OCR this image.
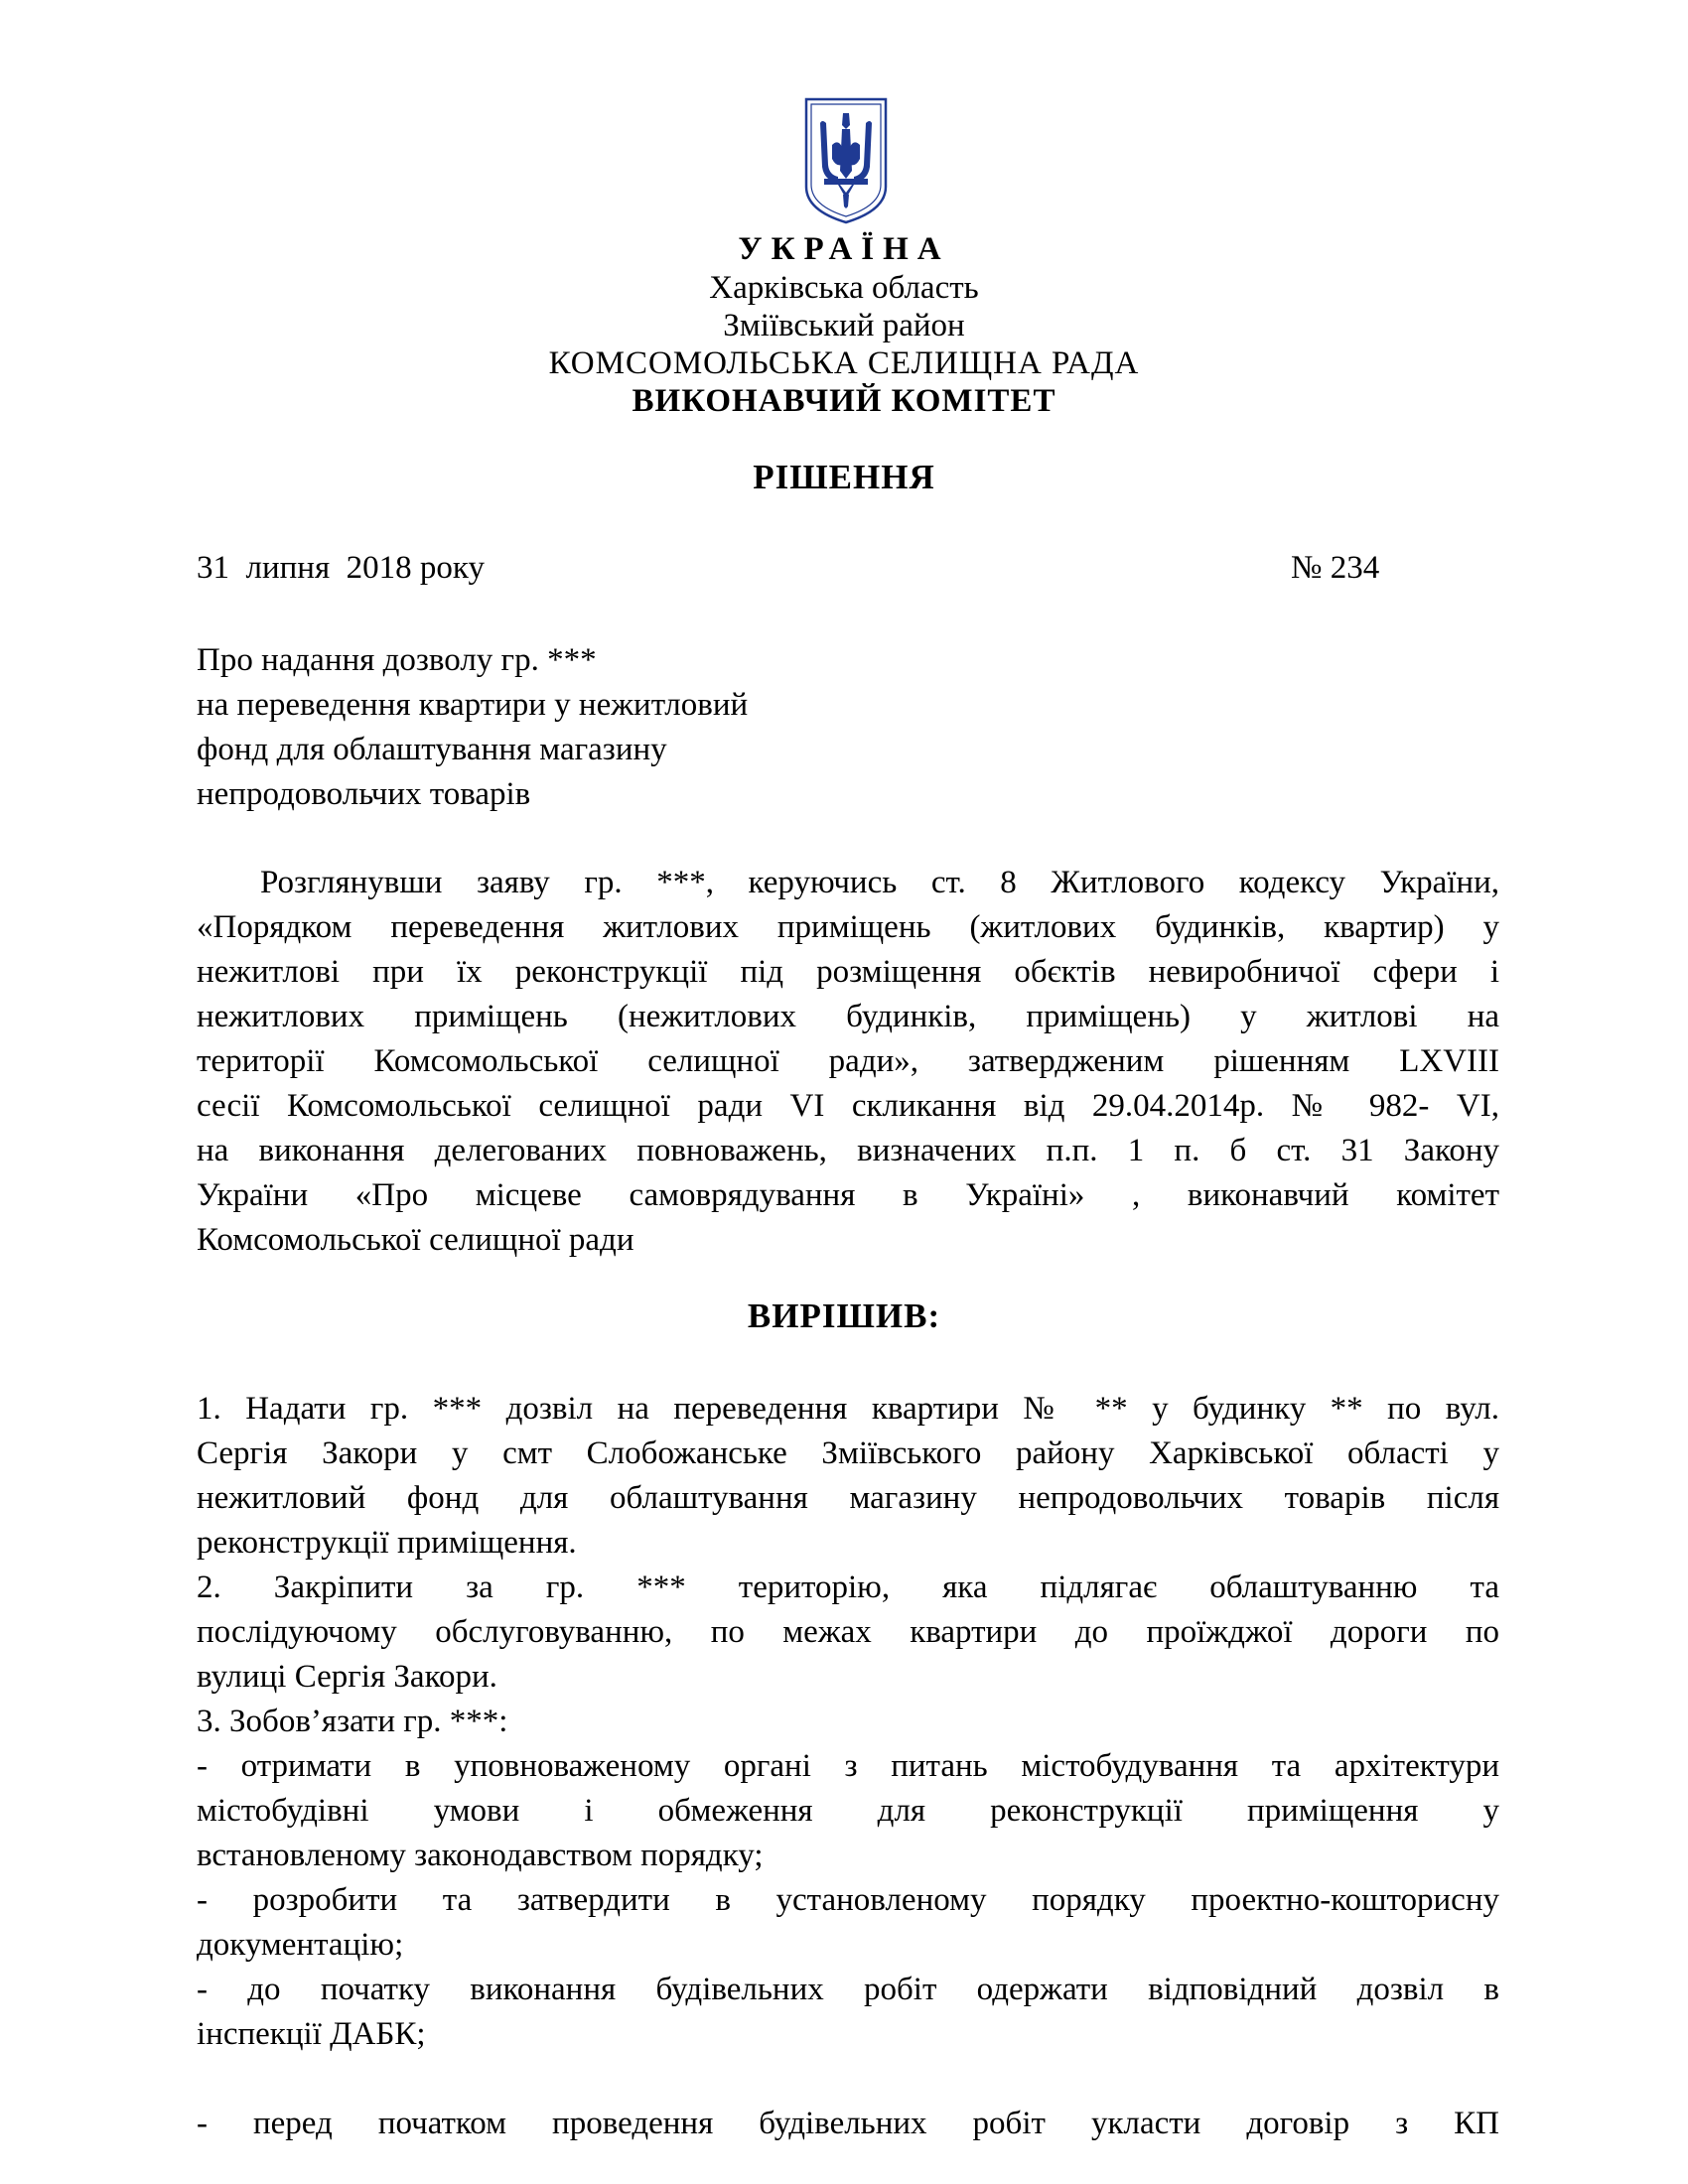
УКРАЇНА
Харківська область
Зміївський район
КОМСОМОЛЬСЬКА СЕЛИЩНА РАДА
ВИКОНАВЧИЙ КОМІТЕТ
РІШЕННЯ
31  липня  2018 року	№ 234
Про надання дозволу гр. ***
на переведення квартири у нежитловий
фонд для облаштування магазину
непродовольчих товарів
Розглянувши заяву гр. ***, керуючись ст. 8 Житлового кодексу України,
«Порядком переведення житлових приміщень (житлових будинків, квартир) у
нежитлові при їх реконструкції під розміщення обєктів невиробничої сфери і
нежитлових приміщень (нежитлових будинків, приміщень) у житлові на
території Комсомольської селищної ради», затвердженим рішенням LXVIII
сесії Комсомольської селищної ради VI скликання від 29.04.2014р. № 982- VI,
на виконання делегованих повноважень, визначених п.п. 1 п. б ст. 31 Закону
України «Про місцеве самоврядування в Україні» , виконавчий комітет
Комсомольської селищної ради
ВИРІШИВ:
1. Надати гр. *** дозвіл на переведення квартири № ** у будинку ** по вул.
Сергія Закори у смт Слобожанське Зміївського району Харківської області у
нежитловий фонд для облаштування магазину непродовольчих товарів після
реконструкції приміщення.
2. Закріпити за гр. *** територію, яка підлягає облаштуванню та
послідуючому обслуговуванню, по межах квартири до проїжджої дороги по
вулиці Сергія Закори.
3. Зобов’язати гр. ***:
- отримати в уповноваженому органі з питань містобудування та архітектури
містобудівні умови і обмеження для реконструкції приміщення у
встановленому законодавством порядку;
- розробити та затвердити в установленому порядку проектно-кошторисну
документацію;
- до початку виконання будівельних робіт одержати відповідний дозвіл в
інспекції ДАБК;
- перед початком проведення будівельних робіт укласти договір з КП
